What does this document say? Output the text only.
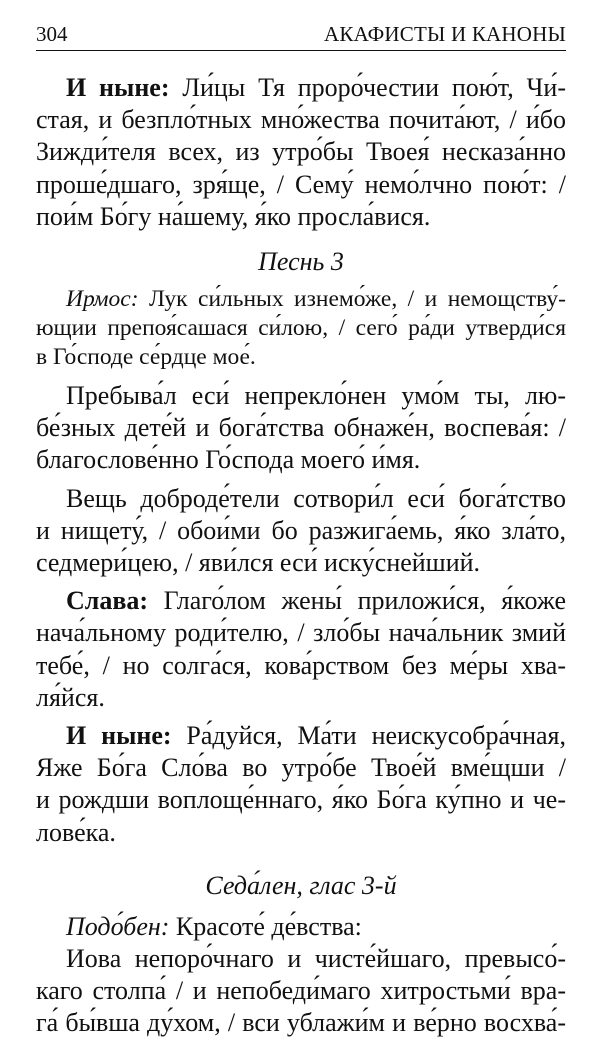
304	АКАФИСТЫ И КАНОНЫ
И ныне: Ли́цы Тя проро́честии пою́т, Чи́-
стая, и безпло́тных мно́жества почита́ют, / и́бо
Зижди́теля всех, из утро́бы Твоея́ несказа́нно
проше́дшаго, зря́ще, / Сему́ немо́лчно пою́т: /
пои́м Бо́гу на́шему, я́ко просла́вися.

Песнь 3

Ирмос: Лук си́льных изнемо́же, / и немощству́-
ющии препоя́сашася си́лою, / сего́ ра́ди утверди́ся
в Го́споде се́рдце мое́.
Пребыва́л еси́ непрекло́нен умо́м ты, лю-
бе́зных дете́й и бога́тства обнаже́н, воспева́я: /
благослове́нно Го́спода моего́ и́мя.
Вещь доброде́тели сотвори́л еси́ бога́тство
и нищету́, / обои́ми бо разжига́емь, я́ко зла́то,
седмери́цею, / яви́лся еси́ иску́снейший.
Слава: Глаго́лом жены́ приложи́ся, я́коже
нача́льному роди́телю, / зло́бы нача́льник змий
тебе́, / но солга́ся, кова́рством без ме́ры хва-
ля́йся.
И ныне: Ра́дуйся, Ма́ти неискусобра́чная,
Яже Бо́га Сло́ва во утро́бе Твое́й вме́щши /
и рождши воплоще́ннаго, я́ко Бо́га ку́пно и че-
лове́ка.

Седа́лен, глас 3-й

Подо́бен: Красоте́ де́вства:
Иова непоро́чнаго и чисте́йшаго, превысо́-
каго столпа́ / и непобеди́маго хитростьми́ вра-
га́ бы́вша ду́хом, / вси ублажи́м и ве́рно восхва́-
